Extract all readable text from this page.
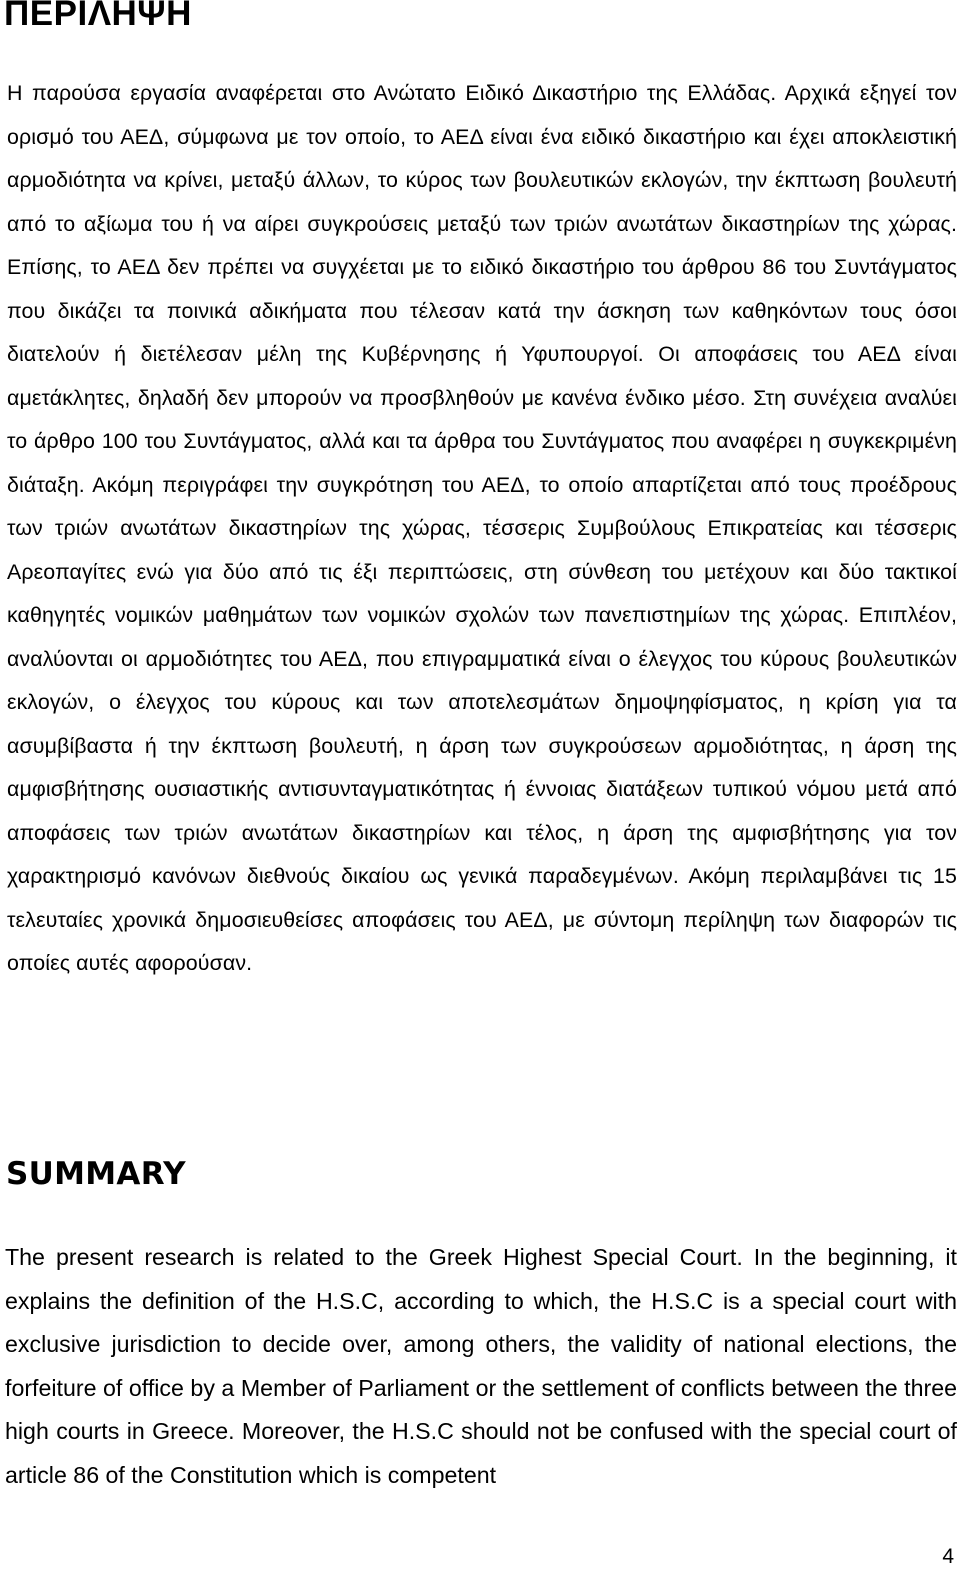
ΠΕΡΙΛΗΨΗ

Η παρούσα εργασία αναφέρεται στο Ανώτατο Ειδικό Δικαστήριο της Ελλάδας. Αρχικά εξηγεί τον ορισμό του ΑΕΔ, σύμφωνα με τον οποίο, το ΑΕΔ είναι ένα ειδικό δικαστήριο και έχει αποκλειστική αρμοδιότητα να κρίνει, μεταξύ άλλων, το κύρος των βουλευτικών εκλογών, την έκπτωση βουλευτή από το αξίωμα του ή να αίρει συγκρούσεις μεταξύ των τριών ανωτάτων δικαστηρίων της χώρας. Επίσης, το ΑΕΔ δεν πρέπει να συγχέεται με το ειδικό δικαστήριο του άρθρου 86 του Συντάγματος που δικάζει τα ποινικά αδικήματα που τέλεσαν κατά την άσκηση των καθηκόντων τους όσοι διατελούν ή διετέλεσαν μέλη της Κυβέρνησης ή Υφυπουργοί. Οι αποφάσεις του ΑΕΔ είναι αμετάκλητες, δηλαδή δεν μπορούν να προσβληθούν με κανένα ένδικο μέσο. Στη συνέχεια αναλύει το άρθρο 100 του Συντάγματος, αλλά και τα άρθρα του Συντάγματος που αναφέρει η συγκεκριμένη διάταξη. Ακόμη περιγράφει την συγκρότηση του ΑΕΔ, το οποίο απαρτίζεται από τους προέδρους των τριών ανωτάτων δικαστηρίων της χώρας, τέσσερις Συμβούλους Επικρατείας και τέσσερις Αρεοπαγίτες ενώ για δύο από τις έξι περιπτώσεις, στη σύνθεση του μετέχουν και δύο τακτικοί καθηγητές νομικών μαθημάτων των νομικών σχολών των πανεπιστημίων της χώρας. Επιπλέον, αναλύονται οι αρμοδιότητες του ΑΕΔ, που επιγραμματικά είναι ο έλεγχος του κύρους βουλευτικών εκλογών, ο έλεγχος του κύρους και των αποτελεσμάτων δημοψηφίσματος, η κρίση για τα ασυμβίβαστα ή την έκπτωση βουλευτή, η άρση των συγκρούσεων αρμοδιότητας, η άρση της αμφισβήτησης ουσιαστικής αντισυνταγματικότητας ή έννοιας διατάξεων τυπικού νόμου μετά από αποφάσεις των τριών ανωτάτων δικαστηρίων και τέλος, η άρση της αμφισβήτησης για τον χαρακτηρισμό κανόνων διεθνούς δικαίου ως γενικά παραδεγμένων. Ακόμη περιλαμβάνει τις 15 τελευταίες χρονικά δημοσιευθείσες αποφάσεις του ΑΕΔ, με σύντομη περίληψη των διαφορών τις οποίες αυτές αφορούσαν.

SUMMARY

The present research is related to the Greek Highest Special Court. In the beginning, it explains the definition of the H.S.C, according to which, the H.S.C is a special court with exclusive jurisdiction to decide over, among others, the validity of national elections, the forfeiture of office by a Member of Parliament or the settlement of conflicts between the three high courts in Greece. Moreover, the H.S.C should not be confused with the special court of article 86 of the Constitution which is competent

4
